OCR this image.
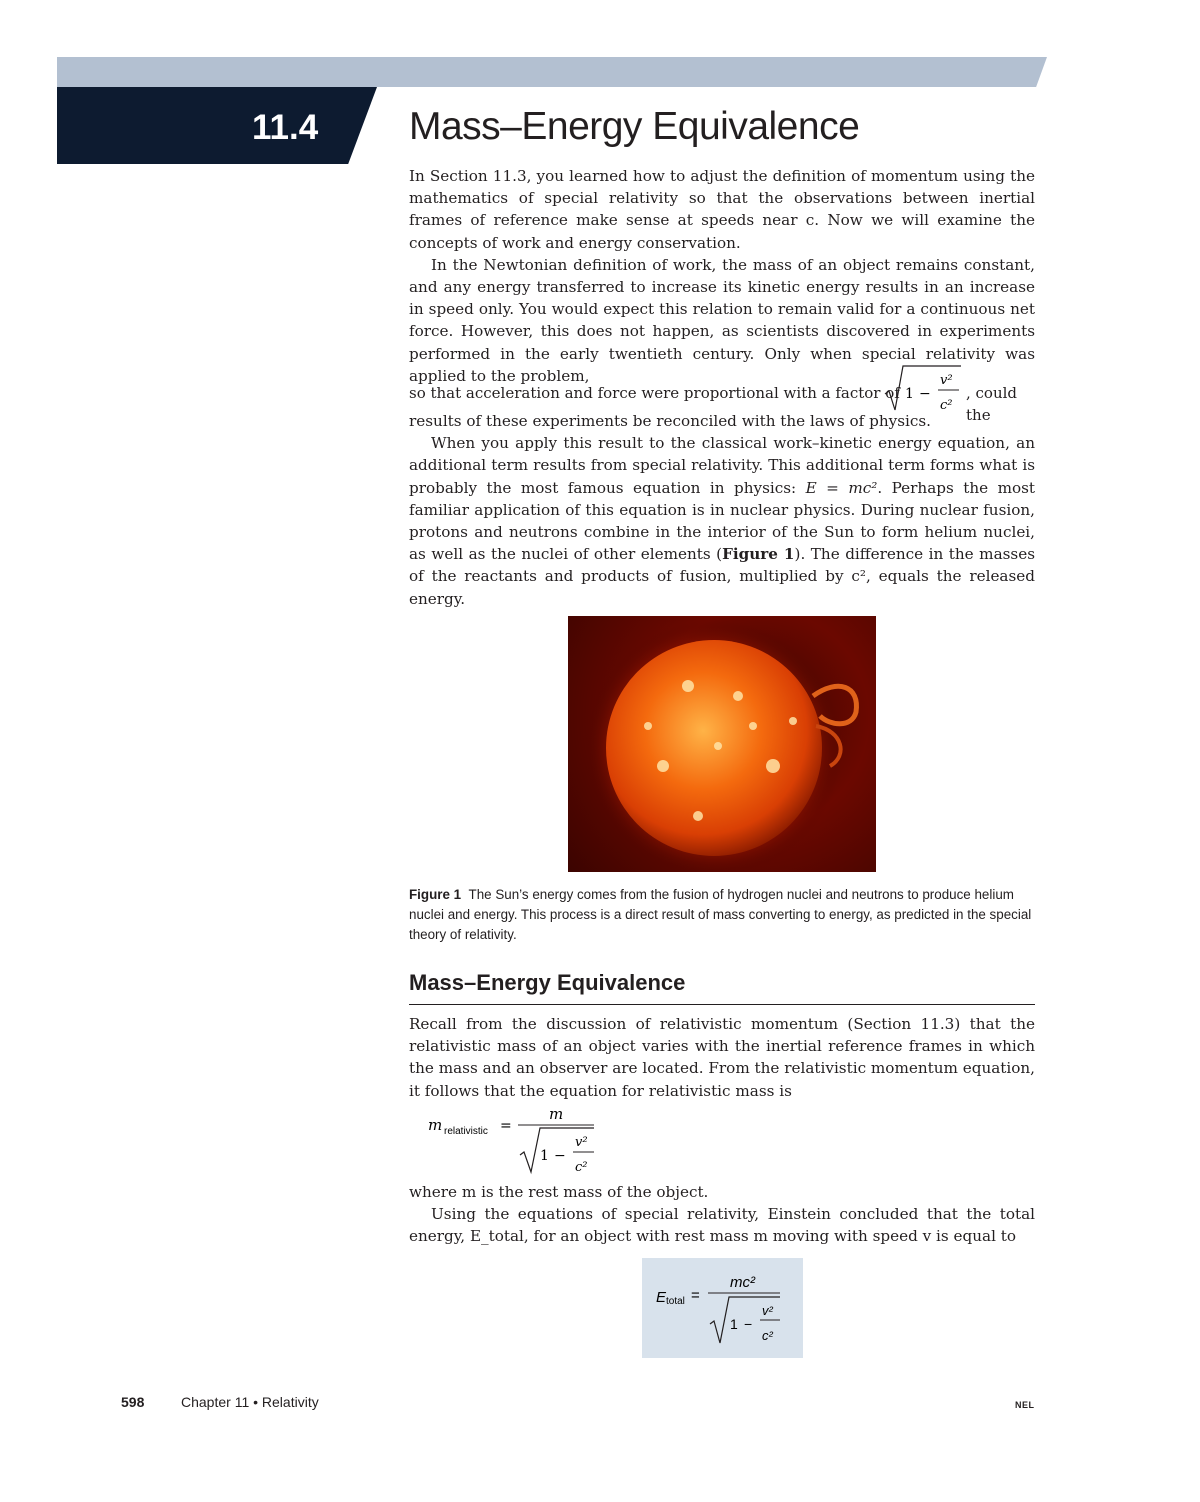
11.4 Mass–Energy Equivalence

In Section 11.3, you learned how to adjust the definition of momentum using the mathematics of special relativity so that the observations between inertial frames of reference make sense at speeds near c. Now we will examine the concepts of work and energy conservation.

In the Newtonian definition of work, the mass of an object remains constant, and any energy transferred to increase its kinetic energy results in an increase in speed only. You would expect this relation to remain valid for a continuous net force. However, this does not happen, as scientists discovered in experiments performed in the early twentieth century. Only when special relativity was applied to the problem,

so that acceleration and force were proportional with a factor of 1 −
v²
c²
, could the

results of these experiments be reconciled with the laws of physics.

When you apply this result to the classical work–kinetic energy equation, an additional term results from special relativity. This additional term forms what is probably the most famous equation in physics: E = mc². Perhaps the most familiar application of this equation is in nuclear physics. During nuclear fusion, protons and neutrons combine in the interior of the Sun to form helium nuclei, as well as the nuclei of other elements (Figure 1). The difference in the masses of the reactants and products of fusion, multiplied by c², equals the released energy.

Figure 1 The Sun’s energy comes from the fusion of hydrogen nuclei and neutrons to produce helium nuclei and energy. This process is a direct result of mass converting to energy, as predicted in the special theory of relativity.
Mass–Energy Equivalence

Recall from the discussion of relativistic momentum (Section 11.3) that the relativistic mass of an object varies with the inertial reference frames in which the mass and an observer are located. From the relativistic momentum equation, it follows that the equation for relativistic mass is

m relativistic =
m
1 −
v²
c²

where m is the rest mass of the object.

Using the equations of special relativity, Einstein concluded that the total energy, E_total, for an object with rest mass m moving with speed v is equal to

E total =
mc²
1 −
v²
c²
598	Chapter 11 • Relativity	NEL
